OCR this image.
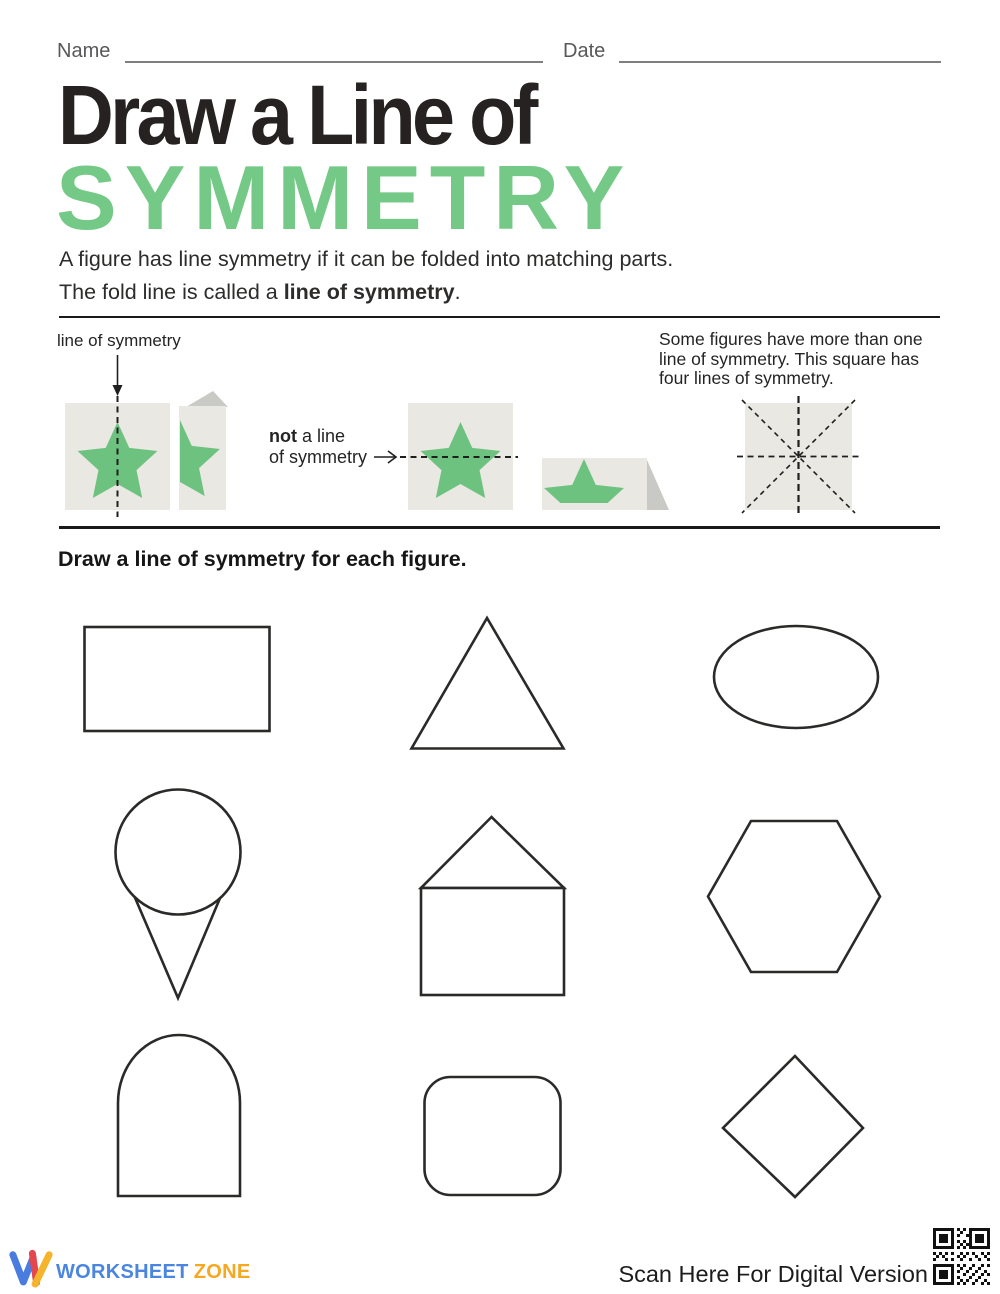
Name	Date
Draw a Line of
SYMMETRY
A figure has line symmetry if it can be folded into matching parts.
The fold line is called a line of symmetry.
line of symmetry
not a line
of symmetry
Some figures have more than one
line of symmetry. This square has
four lines of symmetry.
Draw a line of symmetry for each figure.
WORKSHEET ZONE	Scan Here For Digital Version
